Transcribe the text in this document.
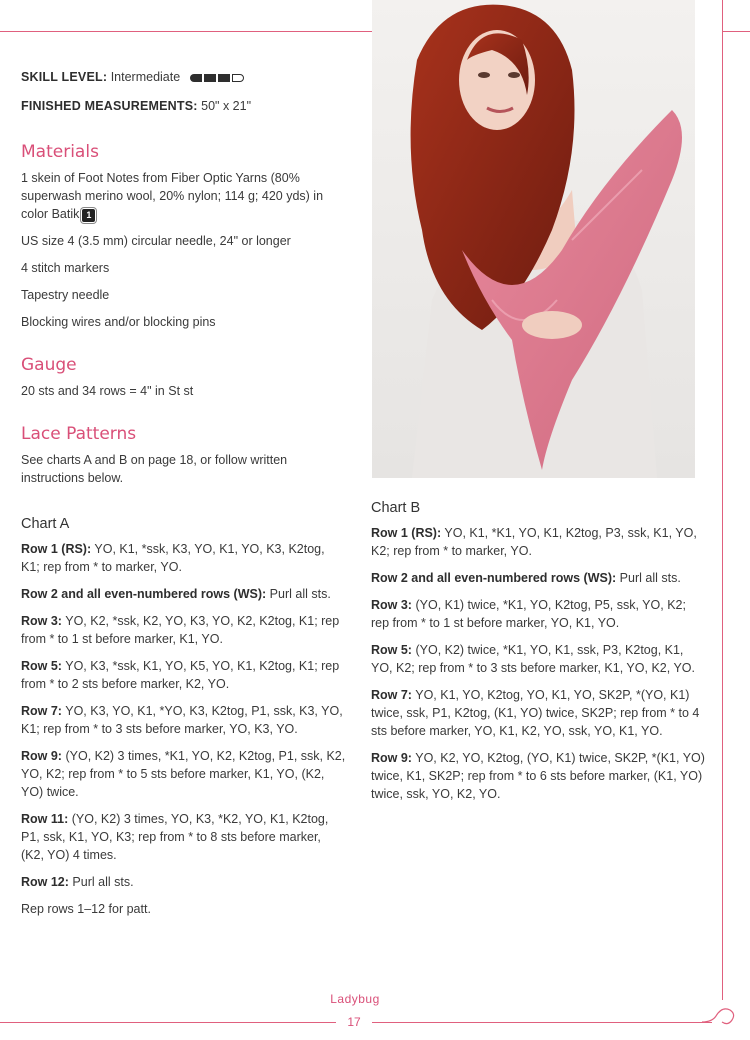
SKILL LEVEL: Intermediate

FINISHED MEASUREMENTS: 50" x 21"

Materials

1 skein of Foot Notes from Fiber Optic Yarns (80% superwash merino wool, 20% nylon; 114 g; 420 yds) in color Batik 1

US size 4 (3.5 mm) circular needle, 24" or longer

4 stitch markers

Tapestry needle

Blocking wires and/or blocking pins

Gauge

20 sts and 34 rows = 4" in St st

Lace Patterns

See charts A and B on page 18, or follow written instructions below.

Chart A

Row 1 (RS): YO, K1, *ssk, K3, YO, K1, YO, K3, K2tog, K1; rep from * to marker, YO.

Row 2 and all even-numbered rows (WS): Purl all sts.

Row 3: YO, K2, *ssk, K2, YO, K3, YO, K2, K2tog, K1; rep from * to 1 st before marker, K1, YO.

Row 5: YO, K3, *ssk, K1, YO, K5, YO, K1, K2tog, K1; rep from * to 2 sts before marker, K2, YO.

Row 7: YO, K3, YO, K1, *YO, K3, K2tog, P1, ssk, K3, YO, K1; rep from * to 3 sts before marker, YO, K3, YO.

Row 9: (YO, K2) 3 times, *K1, YO, K2, K2tog, P1, ssk, K2, YO, K2; rep from * to 5 sts before marker, K1, YO, (K2, YO) twice.

Row 11: (YO, K2) 3 times, YO, K3, *K2, YO, K1, K2tog, P1, ssk, K1, YO, K3; rep from * to 8 sts before marker, (K2, YO) 4 times.

Row 12: Purl all sts.

Rep rows 1–12 for patt.

Chart B

Row 1 (RS): YO, K1, *K1, YO, K1, K2tog, P3, ssk, K1, YO, K2; rep from * to marker, YO.

Row 2 and all even-numbered rows (WS): Purl all sts.

Row 3: (YO, K1) twice, *K1, YO, K2tog, P5, ssk, YO, K2; rep from * to 1 st before marker, YO, K1, YO.

Row 5: (YO, K2) twice, *K1, YO, K1, ssk, P3, K2tog, K1, YO, K2; rep from * to 3 sts before marker, K1, YO, K2, YO.

Row 7: YO, K1, YO, K2tog, YO, K1, YO, SK2P, *(YO, K1) twice, ssk, P1, K2tog, (K1, YO) twice, SK2P; rep from * to 4 sts before marker, YO, K1, K2, YO, ssk, YO, K1, YO.

Row 9: YO, K2, YO, K2tog, (YO, K1) twice, SK2P, *(K1, YO) twice, K1, SK2P; rep from * to 6 sts before marker, (K1, YO) twice, ssk, YO, K2, YO.

Ladybug
17
